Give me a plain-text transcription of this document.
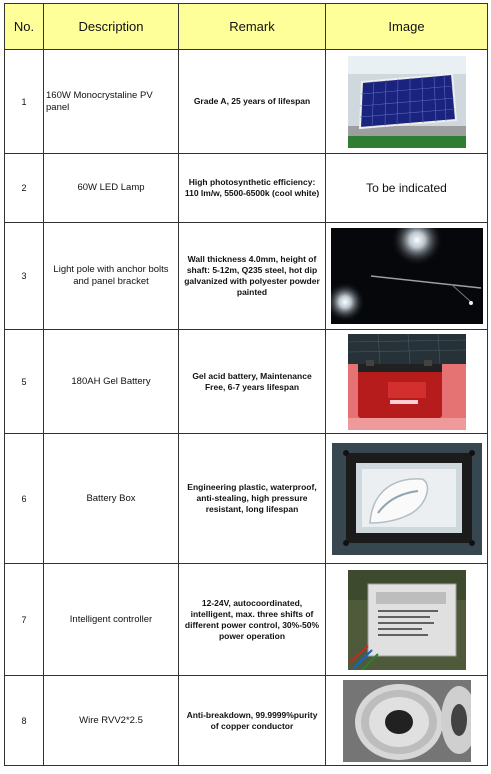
No.	Description	Remark	Image
1	160W Monocrystaline PV panel	Grade A, 25 years of lifespan	

2	60W LED Lamp	High photosynthetic efficiency: 110 lm/w, 5500-6500k (cool white)	To be indicated
3	Light pole with anchor bolts and panel bracket	Wall thickness 4.0mm, height of shaft: 5-12m, Q235 steel, hot dip galvanized with polyester powder painted	

5	180AH Gel Battery	Gel acid battery, Maintenance Free, 6-7 years lifespan	

6	Battery Box	Engineering plastic, waterproof, anti-stealing, high pressure resistant, long lifespan	

7	Intelligent controller	12-24V, autocoordinated, intelligent, max. three shifts of different power control, 30%-50% power operation	

8	Wire RVV2*2.5	Anti-breakdown, 99.9999%purity of copper conductor	
